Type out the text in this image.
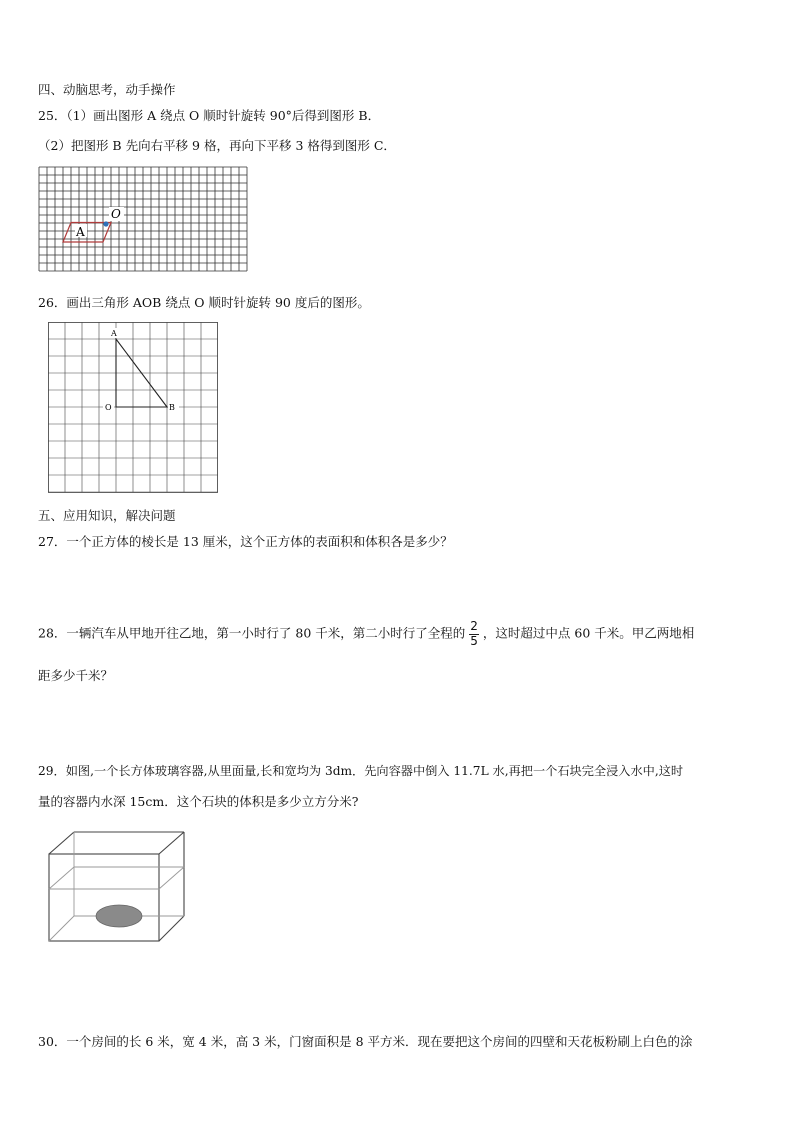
四、动脑思考，动手操作
25．（1）画出图形 A 绕点 O 顺时针旋转 90°后得到图形 B．
（2）把图形 B 先向右平移 9 格，再向下平移 3 格得到图形 C．
O
A
26．画出三角形 AOB 绕点 O 顺时针旋转 90 度后的图形。
A
O	B
五、应用知识，解决问题
27．一个正方体的棱长是 13 厘米，这个正方体的表面积和体积各是多少？
28．一辆汽车从甲地开往乙地，第一小时行了 80 千米，第二小时行了全程的 $\frac{2}{5}$ ，这时超过中点 60 千米。甲乙两地相
距多少千米？
29．如图,一个长方体玻璃容器,从里面量,长和宽均为 3dm．先向容器中倒入 11.7L 水,再把一个石块完全浸入水中,这时
量的容器内水深 15cm．这个石块的体积是多少立方分米?
30．一个房间的长 6 米，宽 4 米，高 3 米，门窗面积是 8 平方米．现在要把这个房间的四壁和天花板粉刷上白色的涂
